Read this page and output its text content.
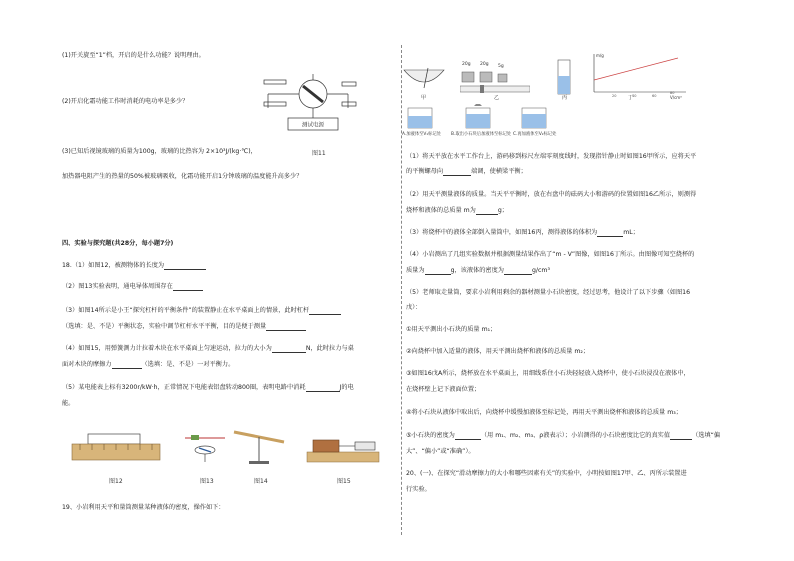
(1)开关旋至“1”档，开启的是什么功能？说明理由。
测试电源
(2)开启化霜功能工作时消耗的电功率是多少？
(3)已知后视镜玻璃的质量为100g，玻璃的比热容为 2×10³J/(kg·℃)，	图11
加热器电阻产生的热量的50%被玻璃吸收，化霜功能开启1分钟玻璃的温度能升高多少？
四、实验与探究题(共28分，每小题7分)
18.（1）如图12，被测物体的长度为
（2）图13实验表明，通电导体周围存在
（3）如图14所示是小王“探究杠杆的平衡条件”的装置静止在水平桌面上的情景，此时杠杆
（选填：是、不是）平衡状态，实验中调节杠杆水平平衡，目的是便于测量
（4）如图15，用弹簧测力计拉着木块在水平桌面上匀速运动，拉力的大小为	N，此时拉力与桌
面对木块的摩擦力	（选填：是、不是）一对平衡力。
（5）某电能表上标有3200r/kW·h，正常情况下电能表铝盘转动800圈，表明电路中消耗	J的电
能。
图12	图13	图14	图15
19、小岩利用天平和量筒测量某种液体的密度，操作如下：
甲
20g 20g 5g
乙	丙
m/g
V/cm³
20	40	60
80
丁
A.加液体至V₁标记处 B.取出小石块后加液体至标记处 C.再加液体至V₂标记处
（1）将天平放在水平工作台上，游码移到标尺左端零刻度线时，发现指针静止时如图16甲所示，应将天平
的平衡螺母向	端调，使横梁平衡；
（2）用天平测量液体的质量。当天平平衡时，放在右盘中的砝码大小和游码的位置如图16乙所示，则测得
烧杯和液体的总质量 m为	g；
（3）将烧杯中的液体全部倒入量筒中，如图16丙，测得液体的体积为	mL；
（4）小岩测出了几组实验数据并根据测量结果作出了“m - V”图像，如图16丁所示。由图像可知空烧杯的
质量为	g，该液体的密度为	g/cm³
（5）老师取走量筒，要求小岩利用剩余的器材测量小石块密度，经过思考，他设计了以下步骤（如图16
戊）：
①用天平测出小石块的质量 m₁；
②向烧杯中加入适量的液体，用天平测出烧杯和液体的总质量 m₂；
③如图16戊A所示，烧杯放在水平桌面上，用细线系住小石块轻轻放入烧杯中，使小石块浸没在液体中，
在烧杯壁上记下液面位置；
④将小石块从液体中取出后，向烧杯中缓慢加液体至标记处，再用天平测出烧杯和液体的总质量 m₃；
⑤小石块的密度为	（用 m₁、m₂、m₃、ρ液表示）；小岩测得的小石块密度比它的真实值	（选填“偏
大”、“偏小”或“准确”）。
20、(一)、在探究“滑动摩擦力的大小和哪些因素有关”的实验中，小明按如图17甲、乙、丙所示装置进
行实验。
